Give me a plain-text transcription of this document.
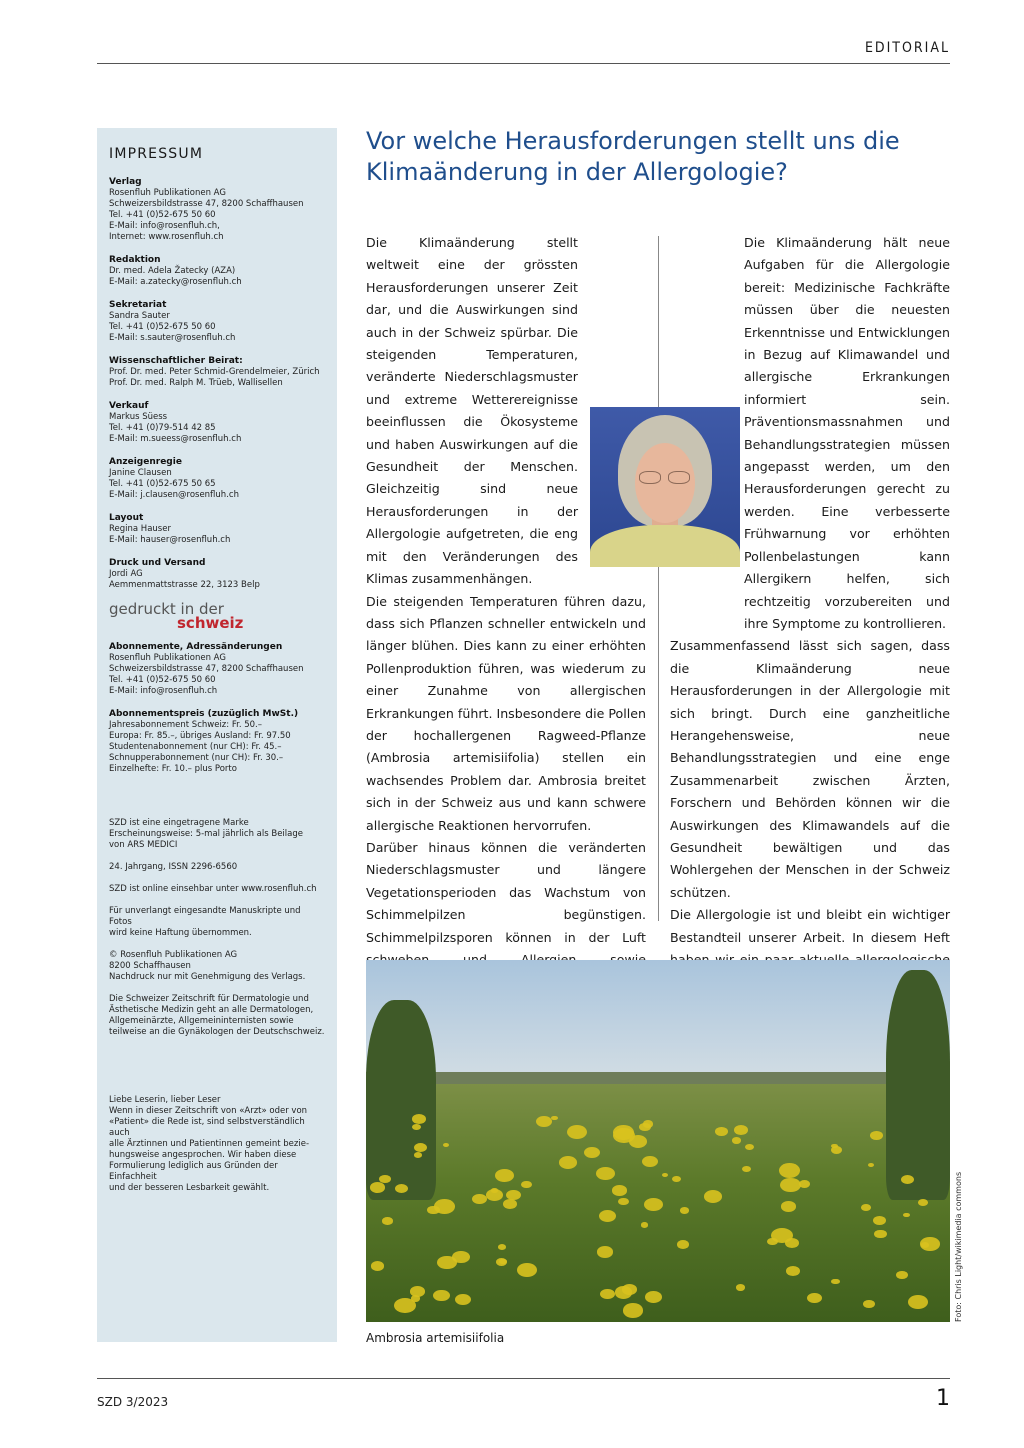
EDITORIAL
IMPRESSUM
Verlag
Rosenfluh Publikationen AG
Schweizersbildstrasse 47, 8200 Schaffhausen
Tel. +41 (0)52-675 50 60
E-Mail: info@rosenfluh.ch,
Internet: www.rosenfluh.ch
Redaktion
Dr. med. Adela Žatecky (AZA)
E-Mail: a.zatecky@rosenfluh.ch
Sekretariat
Sandra Sauter
Tel. +41 (0)52-675 50 60
E-Mail: s.sauter@rosenfluh.ch
Wissenschaftlicher Beirat:
Prof. Dr. med. Peter Schmid-Grendelmeier, Zürich
Prof. Dr. med. Ralph M. Trüeb, Wallisellen
Verkauf
Markus Süess
Tel. +41 (0)79-514 42 85
E-Mail: m.sueess@rosenfluh.ch
Anzeigenregie
Janine Clausen
Tel. +41 (0)52-675 50 65
E-Mail: j.clausen@rosenfluh.ch
Layout
Regina Hauser
E-Mail: hauser@rosenfluh.ch
Druck und Versand
Jordi AG
Aemmenmattstrasse 22, 3123 Belp
gedruckt in der
schweiz
Abonnemente, Adressänderungen
Rosenfluh Publikationen AG
Schweizersbildstrasse 47, 8200 Schaffhausen
Tel. +41 (0)52-675 50 60
E-Mail: info@rosenfluh.ch
Abonnementspreis (zuzüglich MwSt.)
Jahresabonnement Schweiz: Fr. 50.–
Europa: Fr. 85.–, übriges Ausland: Fr. 97.50
Studentenabonnement (nur CH): Fr. 45.–
Schnupperabonnement (nur CH): Fr. 30.–
Einzelhefte: Fr. 10.– plus Porto
SZD ist eine eingetragene Marke
Erscheinungsweise: 5-mal jährlich als Beilage
von ARS MEDICI
24. Jahrgang, ISSN 2296-6560
SZD ist online einsehbar unter www.rosenfluh.ch
Für unverlangt eingesandte Manuskripte und Fotos
wird keine Haftung übernommen.
© Rosenfluh Publikationen AG
8200 Schaffhausen
Nachdruck nur mit Genehmigung des Verlags.
Die Schweizer Zeitschrift für Dermatologie und
Ästhetische Medizin geht an alle Dermatologen,
Allgemeinärzte, Allgemeininternisten sowie
teilweise an die Gynäkologen der Deutschschweiz.
Liebe Leserin, lieber Leser
Wenn in dieser Zeitschrift von «Arzt» oder von
«Patient» die Rede ist, sind selbstverständlich auch
alle Ärztinnen und Patientinnen gemeint bezie-
hungsweise angesprochen. Wir haben diese
Formulierung lediglich aus Gründen der Einfachheit
und der besseren Lesbarkeit gewählt.
Vor welche Herausforderungen stellt uns die Klimaänderung in der Allergologie?

Die Klimaänderung stellt weltweit eine der grössten Herausforderungen unserer Zeit dar, und die Auswirkungen sind auch in der Schweiz spürbar. Die steigenden Temperaturen, veränderte Niederschlagsmuster und extreme Wetterereignisse beeinflussen die Ökosysteme und haben Auswirkungen auf die Gesundheit der Menschen. Gleichzeitig sind neue Herausforderungen in der Allergologie aufgetreten, die eng mit den Veränderungen des Klimas zusammenhängen.

Die steigenden Temperaturen führen dazu, dass sich Pflanzen schneller entwickeln und länger blühen. Dies kann zu einer erhöhten Pollenproduktion führen, was wiederum zu einer Zunahme von allergischen Erkrankungen führt. Insbesondere die Pollen der hochallergenen Ragweed-Pflanze (Ambrosia artemisiifolia) stellen ein wachsendes Problem dar. Ambrosia breitet sich in der Schweiz aus und kann schwere allergische Reaktionen hervorrufen.

Darüber hinaus können die veränderten Niederschlagsmuster und längere Vegetationsperioden das Wachstum von Schimmelpilzen begünstigen. Schimmelpilzsporen können in der Luft

Die Klimaänderung hält neue Aufgaben für die Allergologie bereit: Medizinische Fachkräfte müssen über die neuesten Erkenntnisse und Entwicklungen in Bezug auf Klimawandel und allergische Erkrankungen informiert sein. Präventionsmassnahmen und Behandlungsstrategien müssen angepasst werden, um den Herausforderungen gerecht zu werden. Eine verbesserte Frühwarnung vor erhöhten Pollenbelastungen kann Allergikern helfen, sich rechtzeitig vorzubereiten und ihre Symptome zu kontrollieren.

Zusammenfassend lässt sich sagen, dass die Klimaänderung neue Herausforderungen in der Allergologie mit sich bringt. Durch eine ganzheitliche Herangehensweise, neue Behandlungsstrategien und eine enge Zusammenarbeit zwischen Ärzten, Forschern und Behörden können wir die Auswirkungen des Klimawandels auf die Gesundheit bewältigen und das Wohlergehen der Menschen in der Schweiz schützen.

Die Allergologie ist und bleibt ein wichtiger Bestandteil unserer Arbeit. In diesem Heft

Ambrosia artemisiifolia
Foto: Chris Light/wikimedia commons
SZD 3/2023	1
